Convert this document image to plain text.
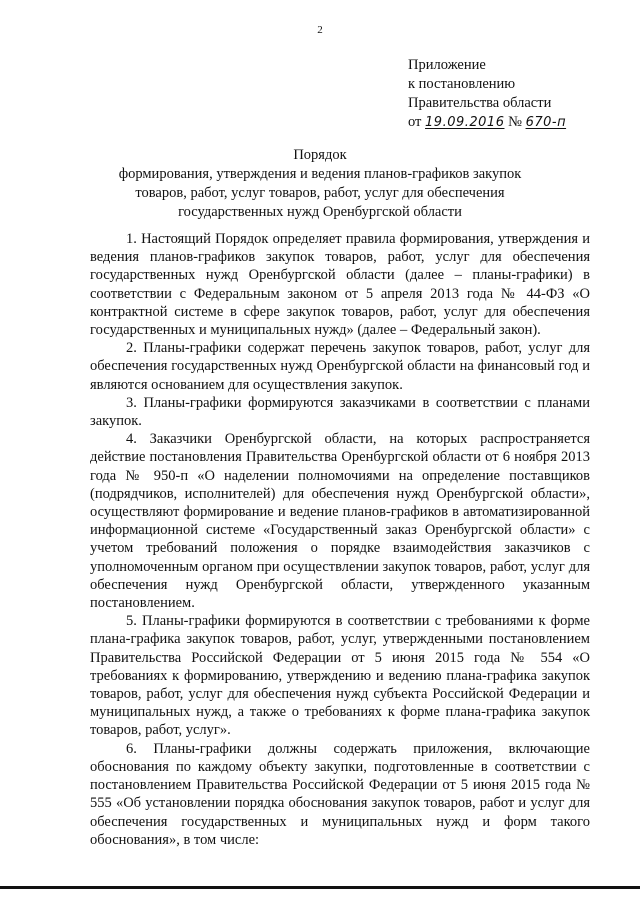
2
Приложение
к постановлению
Правительства области
от 19.09.2016 № 670-п
Порядок
формирования, утверждения и ведения планов-графиков закупок
товаров, работ, услуг товаров, работ, услуг для обеспечения
государственных нужд Оренбургской области

1. Настоящий Порядок определяет правила формирования, утверждения и ведения планов-графиков закупок товаров, работ, услуг для обеспечения государственных нужд Оренбургской области (далее – планы-графики) в соответствии с Федеральным законом от 5 апреля 2013 года № 44-ФЗ «О контрактной системе в сфере закупок товаров, работ, услуг для обеспечения государственных и муниципальных нужд» (далее – Федеральный закон).

2. Планы-графики содержат перечень закупок товаров, работ, услуг для обеспечения государственных нужд Оренбургской области на финансовый год и являются основанием для осуществления закупок.

3. Планы-графики формируются заказчиками в соответствии с планами закупок.

4. Заказчики Оренбургской области, на которых распространяется действие постановления Правительства Оренбургской области от 6 ноября 2013 года № 950-п «О наделении полномочиями на определение поставщиков (подрядчиков, исполнителей) для обеспечения нужд Оренбургской области», осуществляют формирование и ведение планов-графиков в автоматизированной информационной системе «Государственный заказ Оренбургской области» с учетом требований положения о порядке взаимодействия заказчиков с уполномоченным органом при осуществлении закупок товаров, работ, услуг для обеспечения нужд Оренбургской области, утвержденного указанным постановлением.

5. Планы-графики формируются в соответствии с требованиями к форме плана-графика закупок товаров, работ, услуг, утвержденными постановлением Правительства Российской Федерации от 5 июня 2015 года № 554 «О требованиях к формированию, утверждению и ведению плана-графика закупок товаров, работ, услуг для обеспечения нужд субъекта Российской Федерации и муниципальных нужд, а также о требованиях к форме плана-графика закупок товаров, работ, услуг».

6. Планы-графики должны содержать приложения, включающие обоснования по каждому объекту закупки, подготовленные в соответствии с постановлением Правительства Российской Федерации от 5 июня 2015 года № 555 «Об установлении порядка обоснования закупок товаров, работ и услуг для обеспечения государственных и муниципальных нужд и форм такого обоснования», в том числе:
